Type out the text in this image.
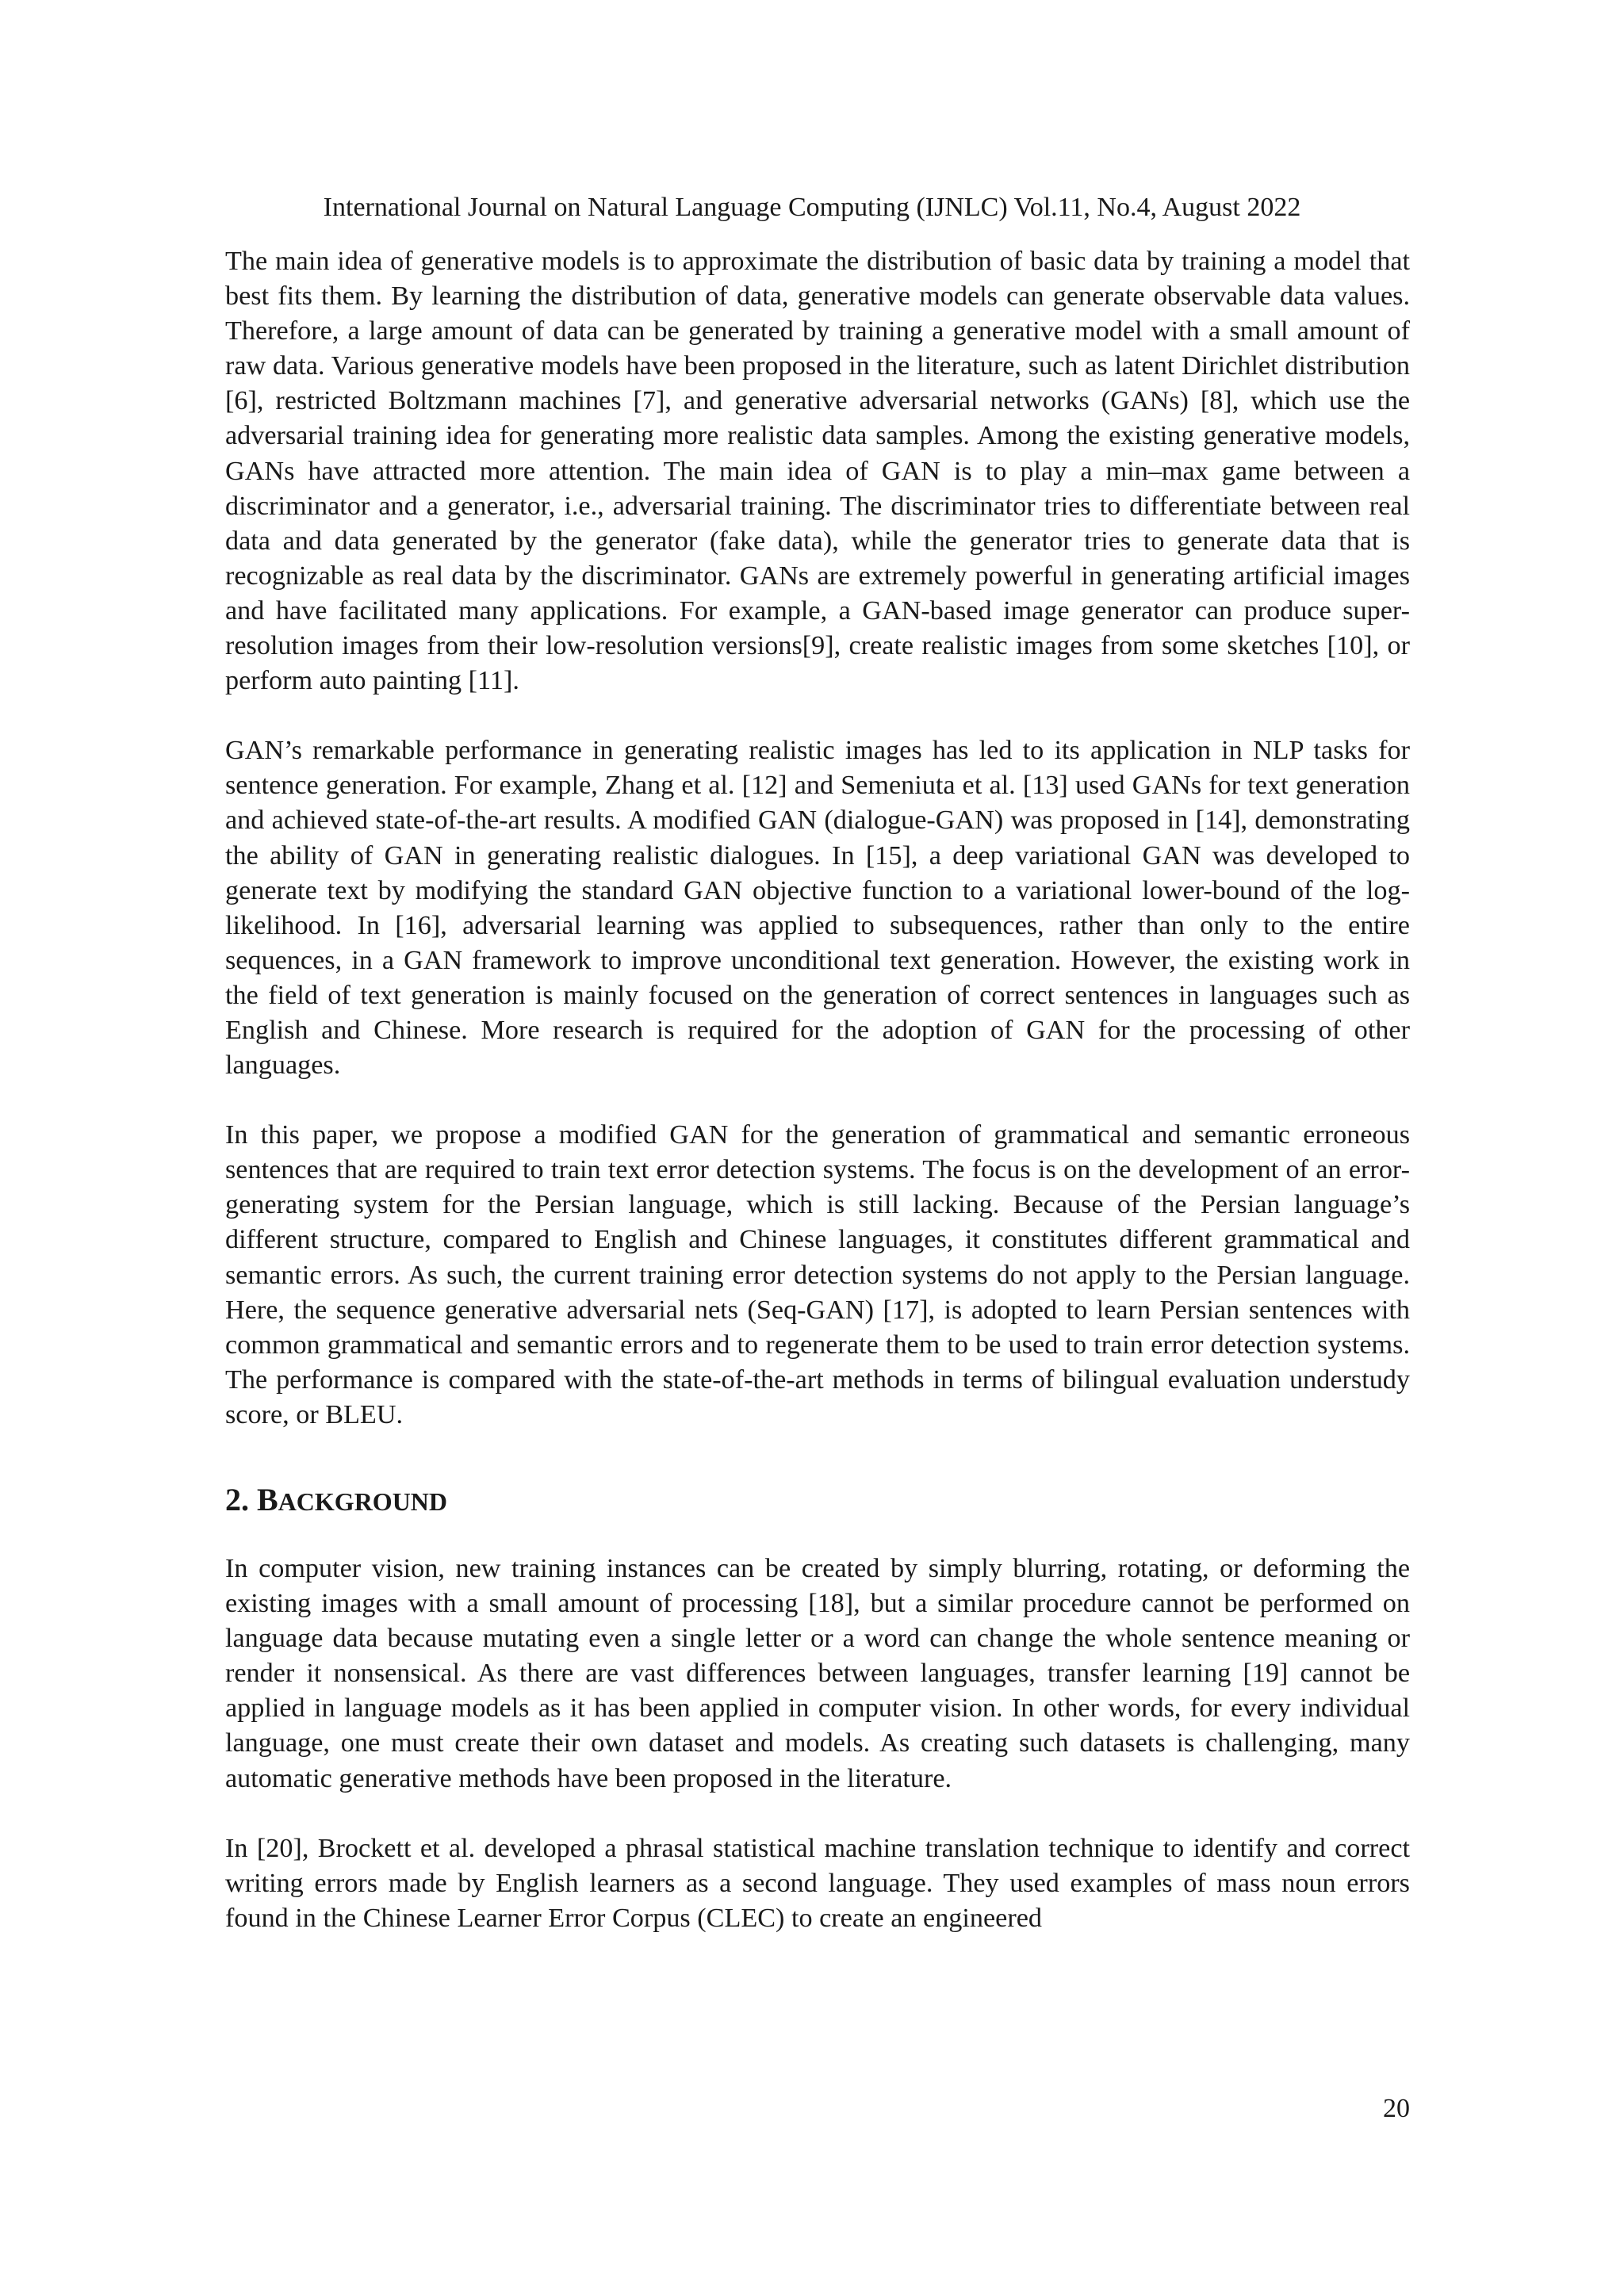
International Journal on Natural Language Computing (IJNLC) Vol.11, No.4, August 2022

The main idea of generative models is to approximate the distribution of basic data by training a model that best fits them. By learning the distribution of data, generative models can generate observable data values. Therefore, a large amount of data can be generated by training a generative model with a small amount of raw data. Various generative models have been proposed in the literature, such as latent Dirichlet distribution [6], restricted Boltzmann machines [7], and generative adversarial networks (GANs) [8], which use the adversarial training idea for generating more realistic data samples. Among the existing generative models, GANs have attracted more attention. The main idea of GAN is to play a min–max game between a discriminator and a generator, i.e., adversarial training. The discriminator tries to differentiate between real data and data generated by the generator (fake data), while the generator tries to generate data that is recognizable as real data by the discriminator. GANs are extremely powerful in generating artificial images and have facilitated many applications. For example, a GAN-based image generator can produce super-resolution images from their low-resolution versions[9], create realistic images from some sketches [10], or perform auto painting [11].

GAN’s remarkable performance in generating realistic images has led to its application in NLP tasks for sentence generation. For example, Zhang et al. [12] and Semeniuta et al. [13] used GANs for text generation and achieved state-of-the-art results. A modified GAN (dialogue-GAN) was proposed in [14], demonstrating the ability of GAN in generating realistic dialogues. In [15], a deep variational GAN was developed to generate text by modifying the standard GAN objective function to a variational lower-bound of the log-likelihood. In [16], adversarial learning was applied to subsequences, rather than only to the entire sequences, in a GAN framework to improve unconditional text generation. However, the existing work in the field of text generation is mainly focused on the generation of correct sentences in languages such as English and Chinese. More research is required for the adoption of GAN for the processing of other languages.

In this paper, we propose a modified GAN for the generation of grammatical and semantic erroneous sentences that are required to train text error detection systems. The focus is on the development of an error-generating system for the Persian language, which is still lacking. Because of the Persian language’s different structure, compared to English and Chinese languages, it constitutes different grammatical and semantic errors. As such, the current training error detection systems do not apply to the Persian language. Here, the sequence generative adversarial nets (Seq-GAN) [17], is adopted to learn Persian sentences with common grammatical and semantic errors and to regenerate them to be used to train error detection systems. The performance is compared with the state-of-the-art methods in terms of bilingual evaluation understudy score, or BLEU.

2. BACKGROUND

In computer vision, new training instances can be created by simply blurring, rotating, or deforming the existing images with a small amount of processing [18], but a similar procedure cannot be performed on language data because mutating even a single letter or a word can change the whole sentence meaning or render it nonsensical. As there are vast differences between languages, transfer learning [19] cannot be applied in language models as it has been applied in computer vision. In other words, for every individual language, one must create their own dataset and models. As creating such datasets is challenging, many automatic generative methods have been proposed in the literature.

In [20], Brockett et al. developed a phrasal statistical machine translation technique to identify and correct writing errors made by English learners as a second language. They used examples of mass noun errors found in the Chinese Learner Error Corpus (CLEC) to create an engineered

20
